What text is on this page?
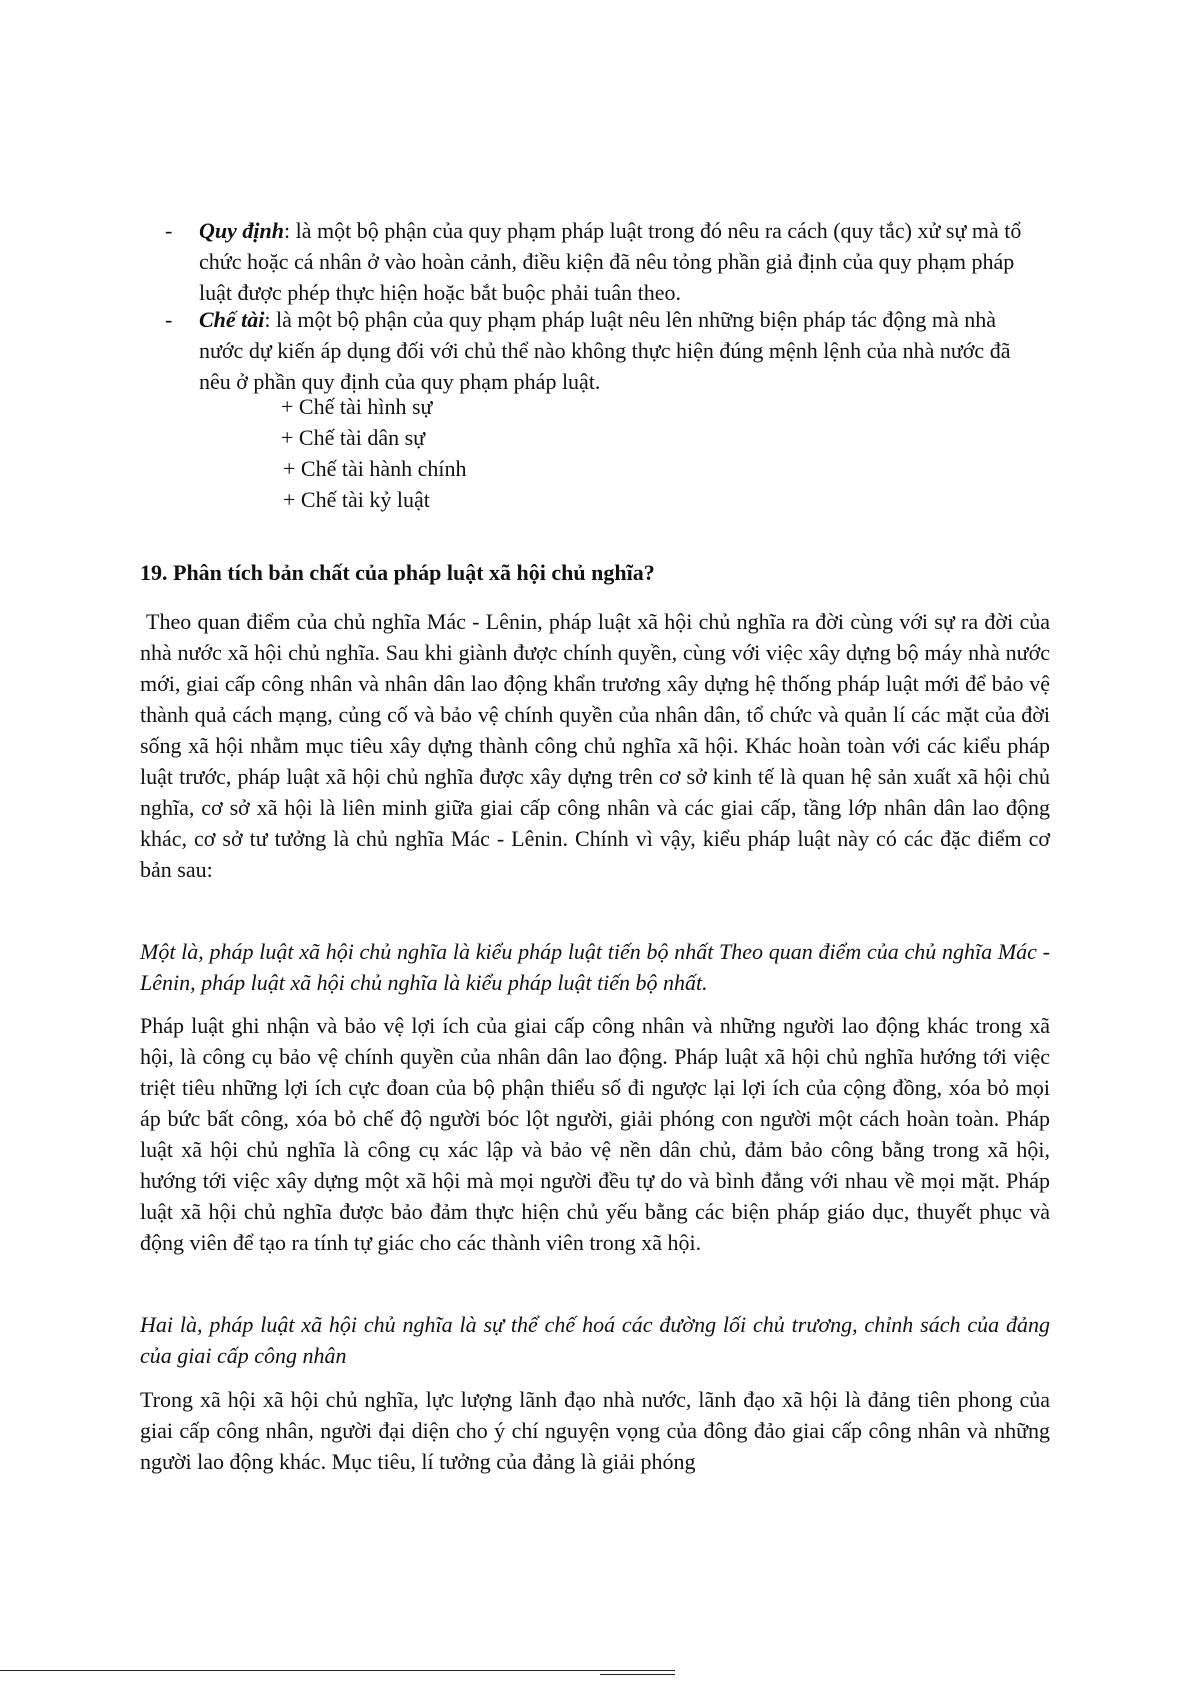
- Quy định: là một bộ phận của quy phạm pháp luật trong đó nêu ra cách (quy tắc) xử sự mà tổ chức hoặc cá nhân ở vào hoàn cảnh, điều kiện đã nêu tỏng phần giả định của quy phạm pháp luật được phép thực hiện hoặc bắt buộc phải tuân theo.
- Chế tài: là một bộ phận của quy phạm pháp luật nêu lên những biện pháp tác động mà nhà nước dự kiến áp dụng đối với chủ thể nào không thực hiện đúng mệnh lệnh của nhà nước đã nêu ở phần quy định của quy phạm pháp luật.
+ Chế tài hình sự
+ Chế tài dân sự
+ Chế tài hành chính
+ Chế tài kỷ luật
19. Phân tích bản chất của pháp luật xã hội chủ nghĩa?

Theo quan điểm của chủ nghĩa Mác - Lênin, pháp luật xã hội chủ nghĩa ra đời cùng với sự ra đời của nhà nước xã hội chủ nghĩa. Sau khi giành được chính quyền, cùng với việc xây dựng bộ máy nhà nước mới, giai cấp công nhân và nhân dân lao động khẩn trương xây dựng hệ thống pháp luật mới để bảo vệ thành quả cách mạng, củng cố và bảo vệ chính quyền của nhân dân, tổ chức và quản lí các mặt của đời sống xã hội nhằm mục tiêu xây dựng thành công chủ nghĩa xã hội. Khác hoàn toàn với các kiểu pháp luật trước, pháp luật xã hội chủ nghĩa được xây dựng trên cơ sở kinh tế là quan hệ sản xuất xã hội chủ nghĩa, cơ sở xã hội là liên minh giữa giai cấp công nhân và các giai cấp, tầng lớp nhân dân lao động khác, cơ sở tư tưởng là chủ nghĩa Mác - Lênin. Chính vì vậy, kiểu pháp luật này có các đặc điểm cơ bản sau:

Một là, pháp luật xã hội chủ nghĩa là kiểu pháp luật tiến bộ nhất Theo quan điểm của chủ nghĩa Mác - Lênin, pháp luật xã hội chủ nghĩa là kiểu pháp luật tiến bộ nhất.

Pháp luật ghi nhận và bảo vệ lợi ích của giai cấp công nhân và những người lao động khác trong xã hội, là công cụ bảo vệ chính quyền của nhân dân lao động. Pháp luật xã hội chủ nghĩa hướng tới việc triệt tiêu những lợi ích cực đoan của bộ phận thiểu số đi ngược lại lợi ích của cộng đồng, xóa bỏ mọi áp bức bất công, xóa bỏ chế độ người bóc lột người, giải phóng con người một cách hoàn toàn. Pháp luật xã hội chủ nghĩa là công cụ xác lập và bảo vệ nền dân chủ, đảm bảo công bằng trong xã hội, hướng tới việc xây dựng một xã hội mà mọi người đều tự do và bình đẳng với nhau về mọi mặt. Pháp luật xã hội chủ nghĩa được bảo đảm thực hiện chủ yếu bằng các biện pháp giáo dục, thuyết phục và động viên để tạo ra tính tự giác cho các thành viên trong xã hội.

Hai là, pháp luật xã hội chủ nghĩa là sự thể chế hoá các đường lối chủ trương, chỉnh sách của đảng của giai cấp công nhân

Trong xã hội xã hội chủ nghĩa, lực lượng lãnh đạo nhà nước, lãnh đạo xã hội là đảng tiên phong của giai cấp công nhân, người đại diện cho ý chí nguyện vọng của đông đảo giai cấp công nhân và những người lao động khác. Mục tiêu, lí tưởng của đảng là giải phóng
